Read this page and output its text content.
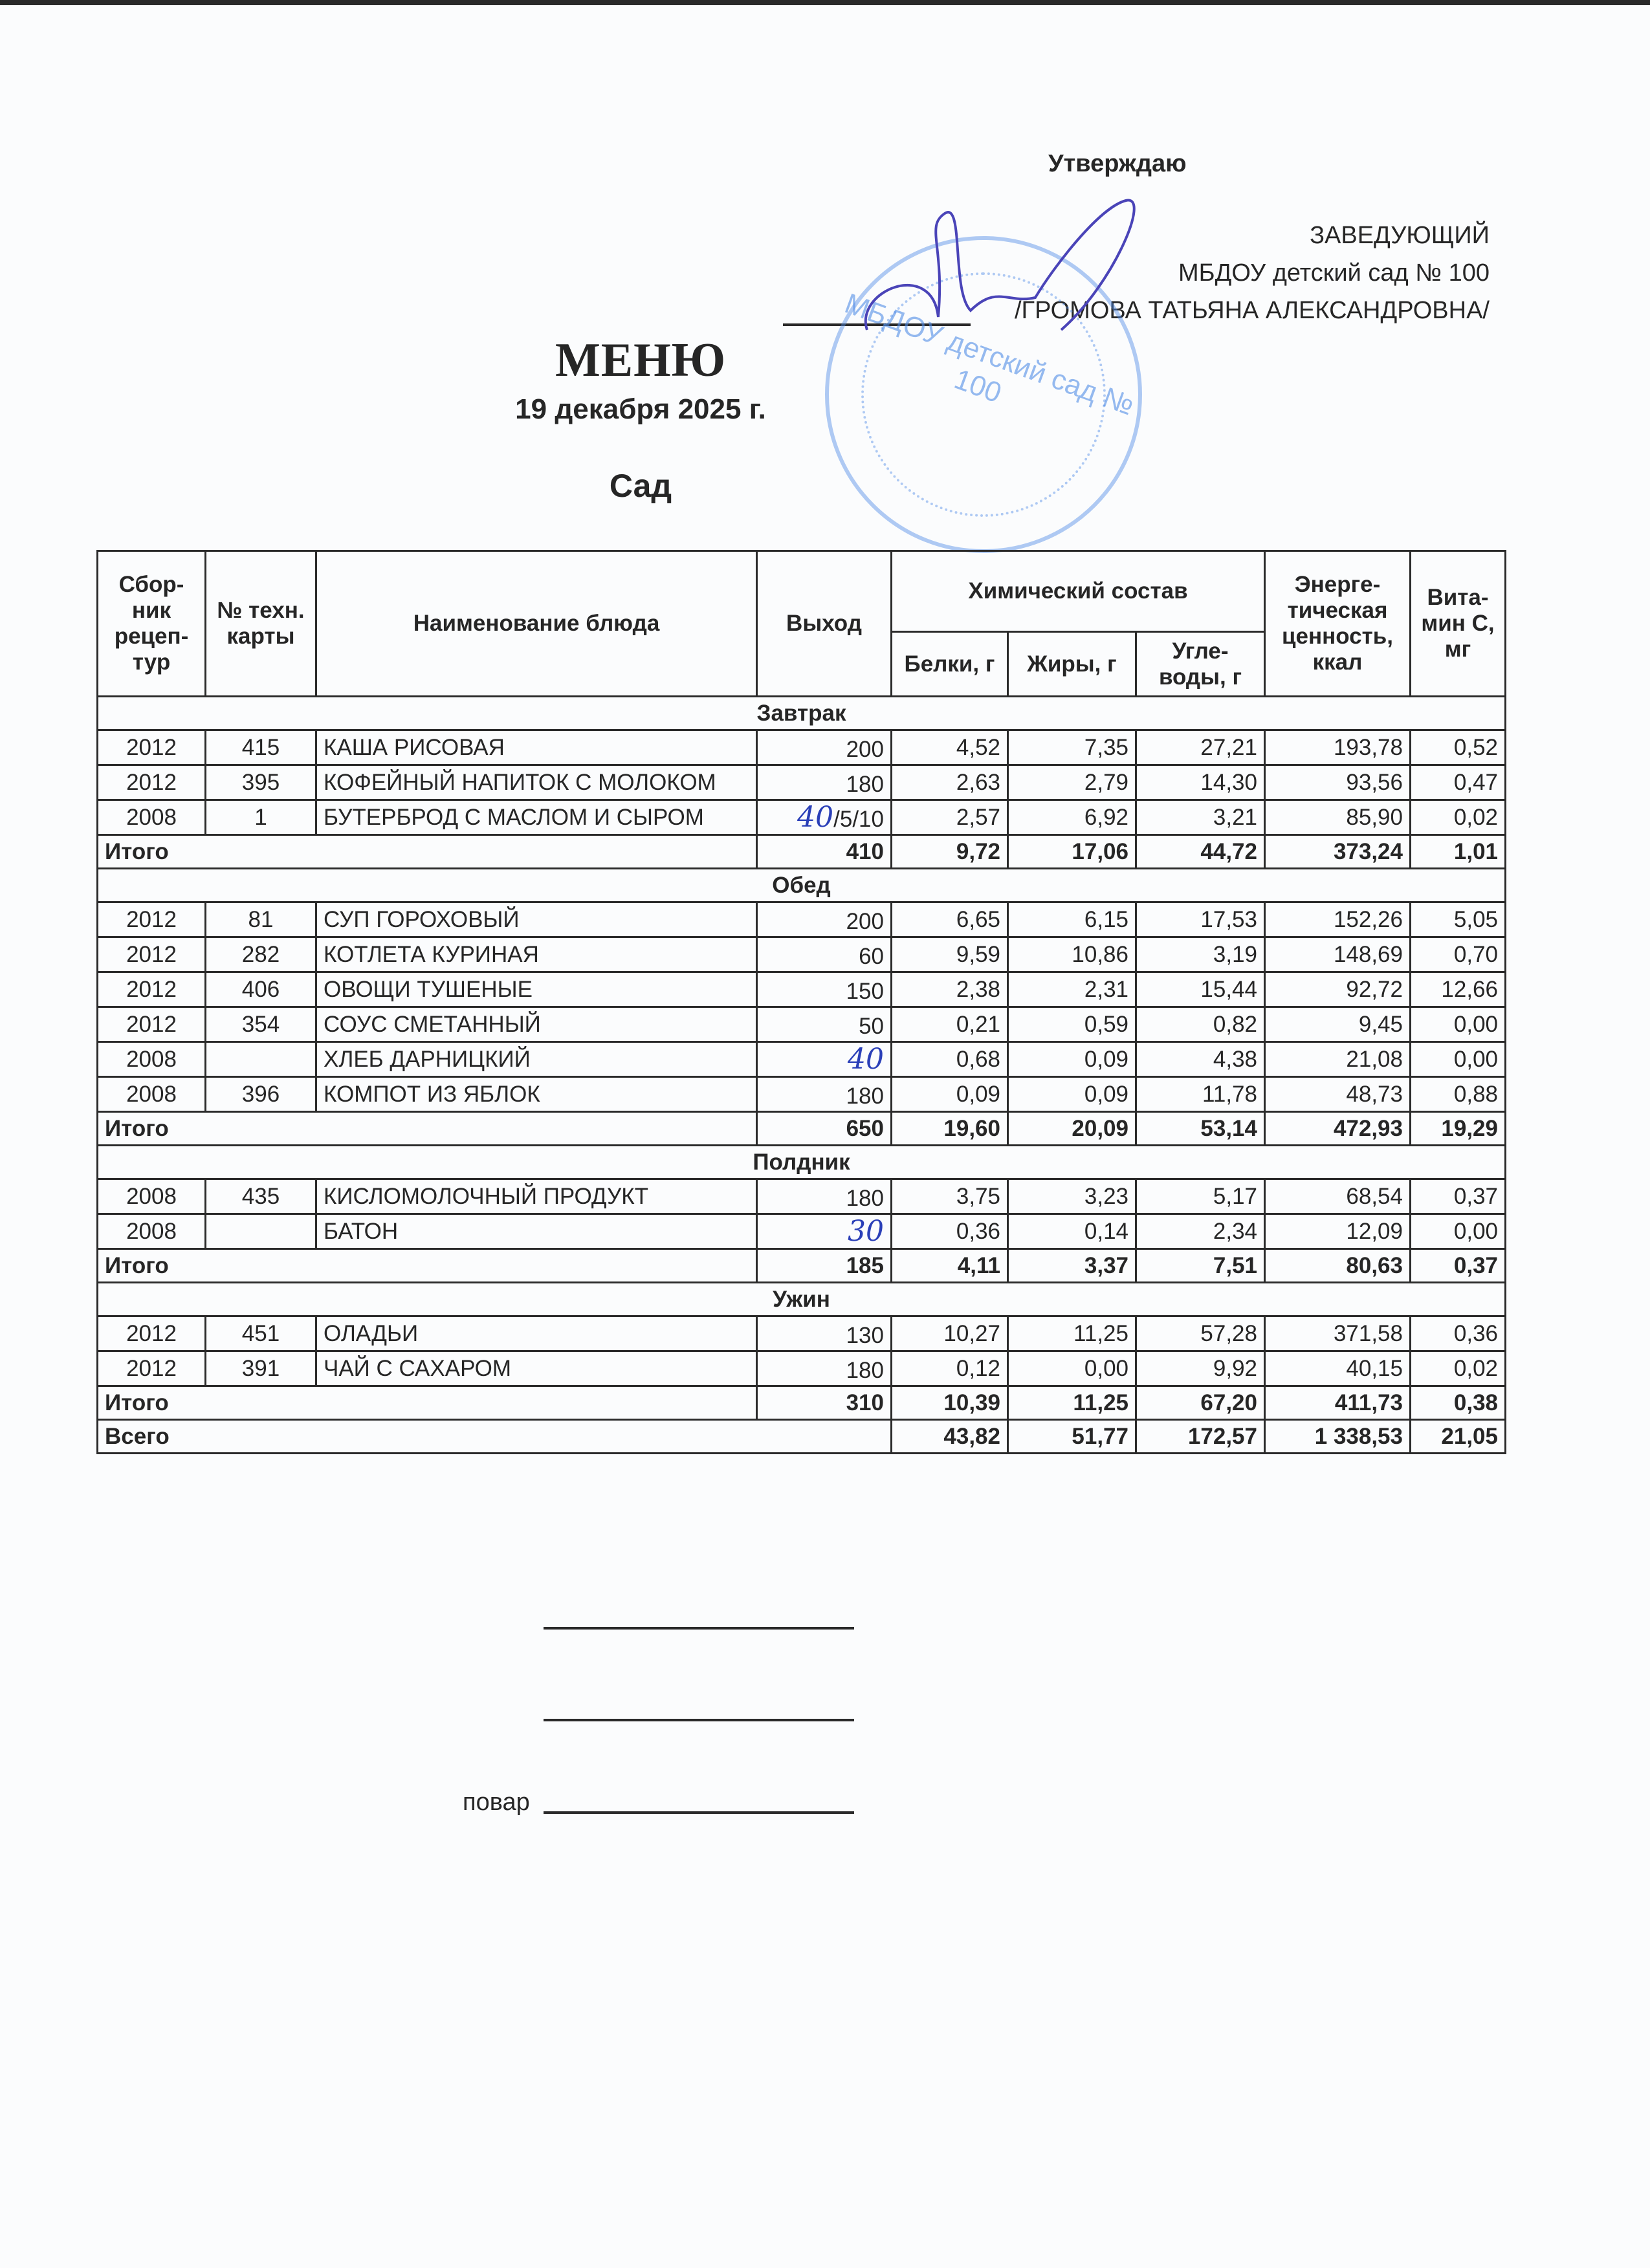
Утверждаю
ЗАВЕДУЮЩИЙ
МБДОУ детский сад № 100
/ГРОМОВА ТАТЬЯНА АЛЕКСАНДРОВНА/
МБДОУ детский сад № 100
МЕНЮ
19 декабря 2025 г.
Сад
Сбор-ник рецеп-тур	№ техн. карты	Наименование блюда	Выход	Химический состав			Энерге-тическая ценность, ккал	Вита-мин С, мг
				Белки, г	Жиры, г	Угле-воды, г		
Завтрак								
2012	415	КАША РИСОВАЯ	200	4,52	7,35	27,21	193,78	0,52
2012	395	КОФЕЙНЫЙ НАПИТОК С МОЛОКОМ	180	2,63	2,79	14,30	93,56	0,47
2008	1	БУТЕРБРОД С МАСЛОМ И СЫРОМ	40/5/10	2,57	6,92	3,21	85,90	0,02
Итого			410	9,72	17,06	44,72	373,24	1,01
Обед								
2012	81	СУП ГОРОХОВЫЙ	200	6,65	6,15	17,53	152,26	5,05
2012	282	КОТЛЕТА КУРИНАЯ	60	9,59	10,86	3,19	148,69	0,70
2012	406	ОВОЩИ ТУШЕНЫЕ	150	2,38	2,31	15,44	92,72	12,66
2012	354	СОУС СМЕТАННЫЙ	50	0,21	0,59	0,82	9,45	0,00
2008		ХЛЕБ ДАРНИЦКИЙ	40	0,68	0,09	4,38	21,08	0,00
2008	396	КОМПОТ ИЗ ЯБЛОК	180	0,09	0,09	11,78	48,73	0,88
Итого			650	19,60	20,09	53,14	472,93	19,29
Полдник								
2008	435	КИСЛОМОЛОЧНЫЙ ПРОДУКТ	180	3,75	3,23	5,17	68,54	0,37
2008		БАТОН	30	0,36	0,14	2,34	12,09	0,00
Итого			185	4,11	3,37	7,51	80,63	0,37
Ужин								
2012	451	ОЛАДЬИ	130	10,27	11,25	57,28	371,58	0,36
2012	391	ЧАЙ С САХАРОМ	180	0,12	0,00	9,92	40,15	0,02
Итого			310	10,39	11,25	67,20	411,73	0,38
Всего				43,82	51,77	172,57	1 338,53	21,05
повар
